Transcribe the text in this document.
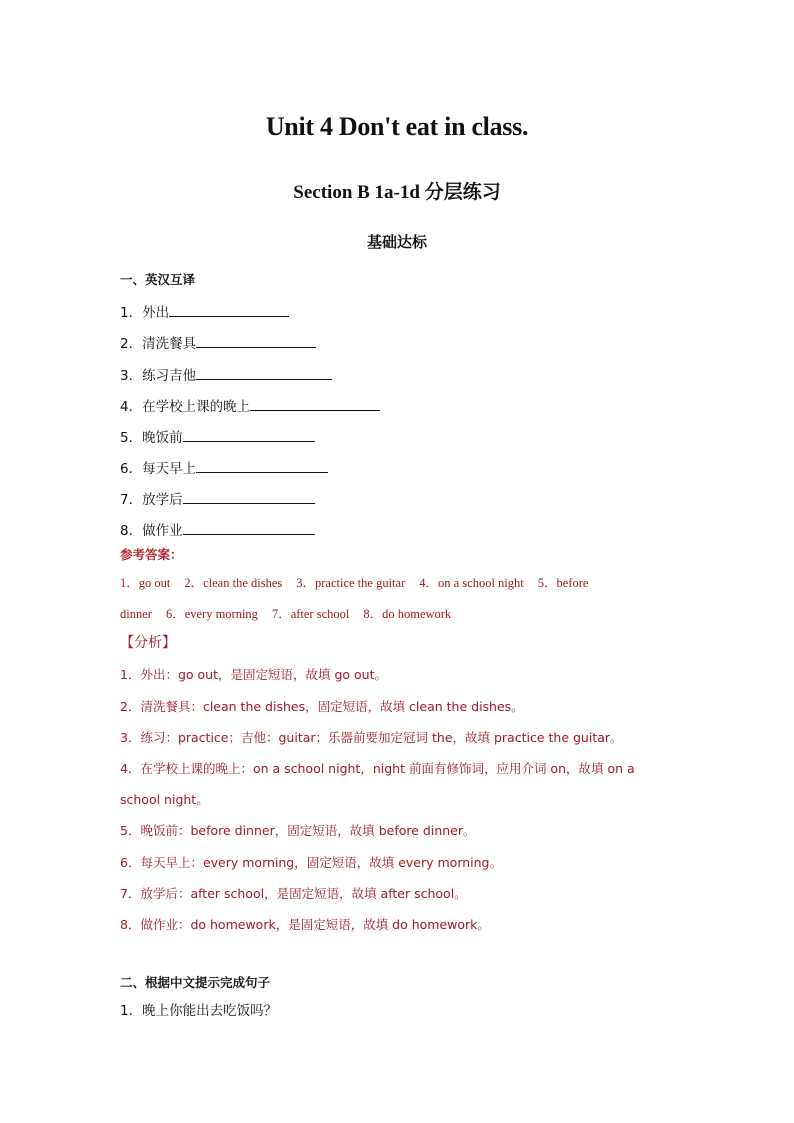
Unit 4 Don't eat in class.
Section B 1a-1d 分层练习
基础达标
一、英汉互译
1．外出
2．清洗餐具
3．练习吉他
4．在学校上课的晚上
5．晚饭前
6．每天早上
7．放学后
8．做作业
参考答案：
1．go out 2．clean the dishes 3．practice the guitar 4．on a school night 5．before
dinner 6．every morning 7．after school 8．do homework
【分析】
1．外出：go out，是固定短语，故填 go out。
2．清洗餐具：clean the dishes，固定短语，故填 clean the dishes。
3．练习：practice；吉他：guitar；乐器前要加定冠词 the，故填 practice the guitar。
4．在学校上课的晚上：on a school night，night 前面有修饰词，应用介词 on，故填 on a
school night。
5．晚饭前：before dinner，固定短语，故填 before dinner。
6．每天早上：every morning，固定短语，故填 every morning。
7．放学后：after school，是固定短语，故填 after school。
8．做作业：do homework，是固定短语，故填 do homework。
二、根据中文提示完成句子
1．晚上你能出去吃饭吗？
